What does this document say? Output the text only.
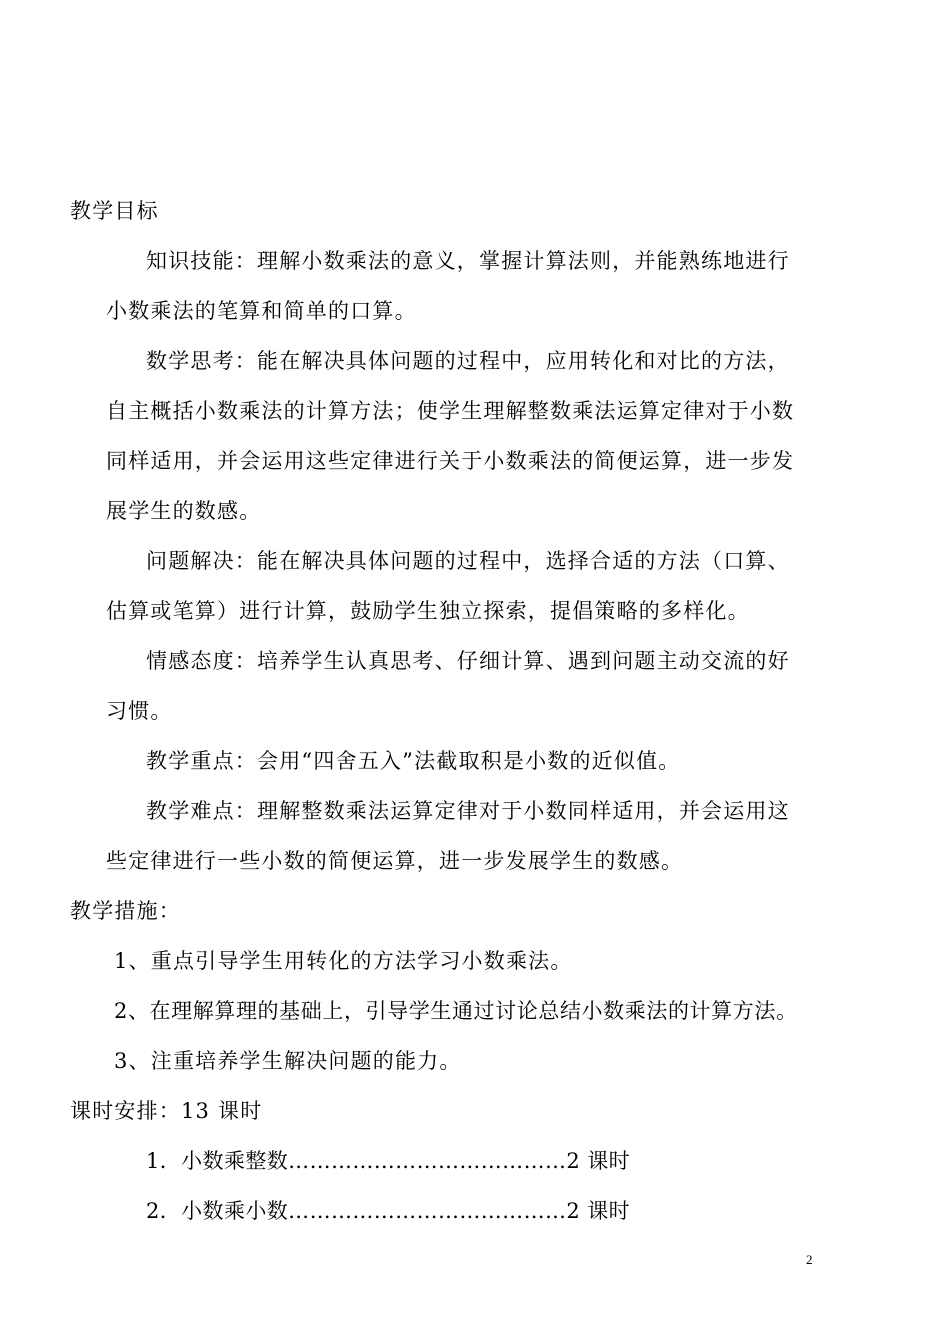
教学目标
知识技能：理解小数乘法的意义，掌握计算法则，并能熟练地进行
小数乘法的笔算和简单的口算。
数学思考：能在解决具体问题的过程中，应用转化和对比的方法，
自主概括小数乘法的计算方法；使学生理解整数乘法运算定律对于小数
同样适用，并会运用这些定律进行关于小数乘法的简便运算，进一步发
展学生的数感。
问题解决：能在解决具体问题的过程中，选择合适的方法（口算、
估算或笔算）进行计算，鼓励学生独立探索，提倡策略的多样化。
情感态度：培养学生认真思考、仔细计算、遇到问题主动交流的好
习惯。
教学重点：会用“四舍五入”法截取积是小数的近似值。
教学难点：理解整数乘法运算定律对于小数同样适用，并会运用这
些定律进行一些小数的简便运算，进一步发展学生的数感。
教学措施：
1、重点引导学生用转化的方法学习小数乘法。
2、在理解算理的基础上，引导学生通过讨论总结小数乘法的计算方法。
3、注重培养学生解决问题的能力。
课时安排：13 课时
1．小数乘整数…………………………………2 课时
2．小数乘小数…………………………………2 课时
2
